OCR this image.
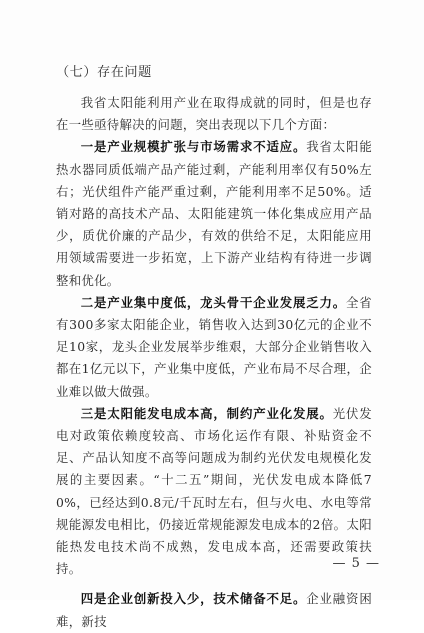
（七）存在问题

我省太阳能利用产业在取得成就的同时，但是也存在一些亟待解决的问题，突出表现以下几个方面：

一是产业规模扩张与市场需求不适应。我省太阳能热水器同质低端产品产能过剩，产能利用率仅有50%左右；光伏组件产能严重过剩，产能利用率不足50%。适销对路的高技术产品、太阳能建筑一体化集成应用产品少，质优价廉的产品少，有效的供给不足，太阳能应用用领域需要进一步拓宽，上下游产业结构有待进一步调整和优化。

二是产业集中度低，龙头骨干企业发展乏力。全省有300多家太阳能企业，销售收入达到30亿元的企业不足10家，龙头企业发展举步维艰，大部分企业销售收入都在1亿元以下，产业集中度低，产业布局不尽合理，企业难以做大做强。

三是太阳能发电成本高，制约产业化发展。光伏发电对政策依赖度较高、市场化运作有限、补贴资金不足、产品认知度不高等问题成为制约光伏发电规模化发展的主要因素。“十二五”期间，光伏发电成本降低70%，已经达到0.8元/千瓦时左右，但与火电、水电等常规能源发电相比，仍接近常规能源发电成本的2倍。太阳能热发电技术尚不成熟，发电成本高，还需要政策扶持。

四是企业创新投入少，技术储备不足。企业融资困难，新技

— 5 —
